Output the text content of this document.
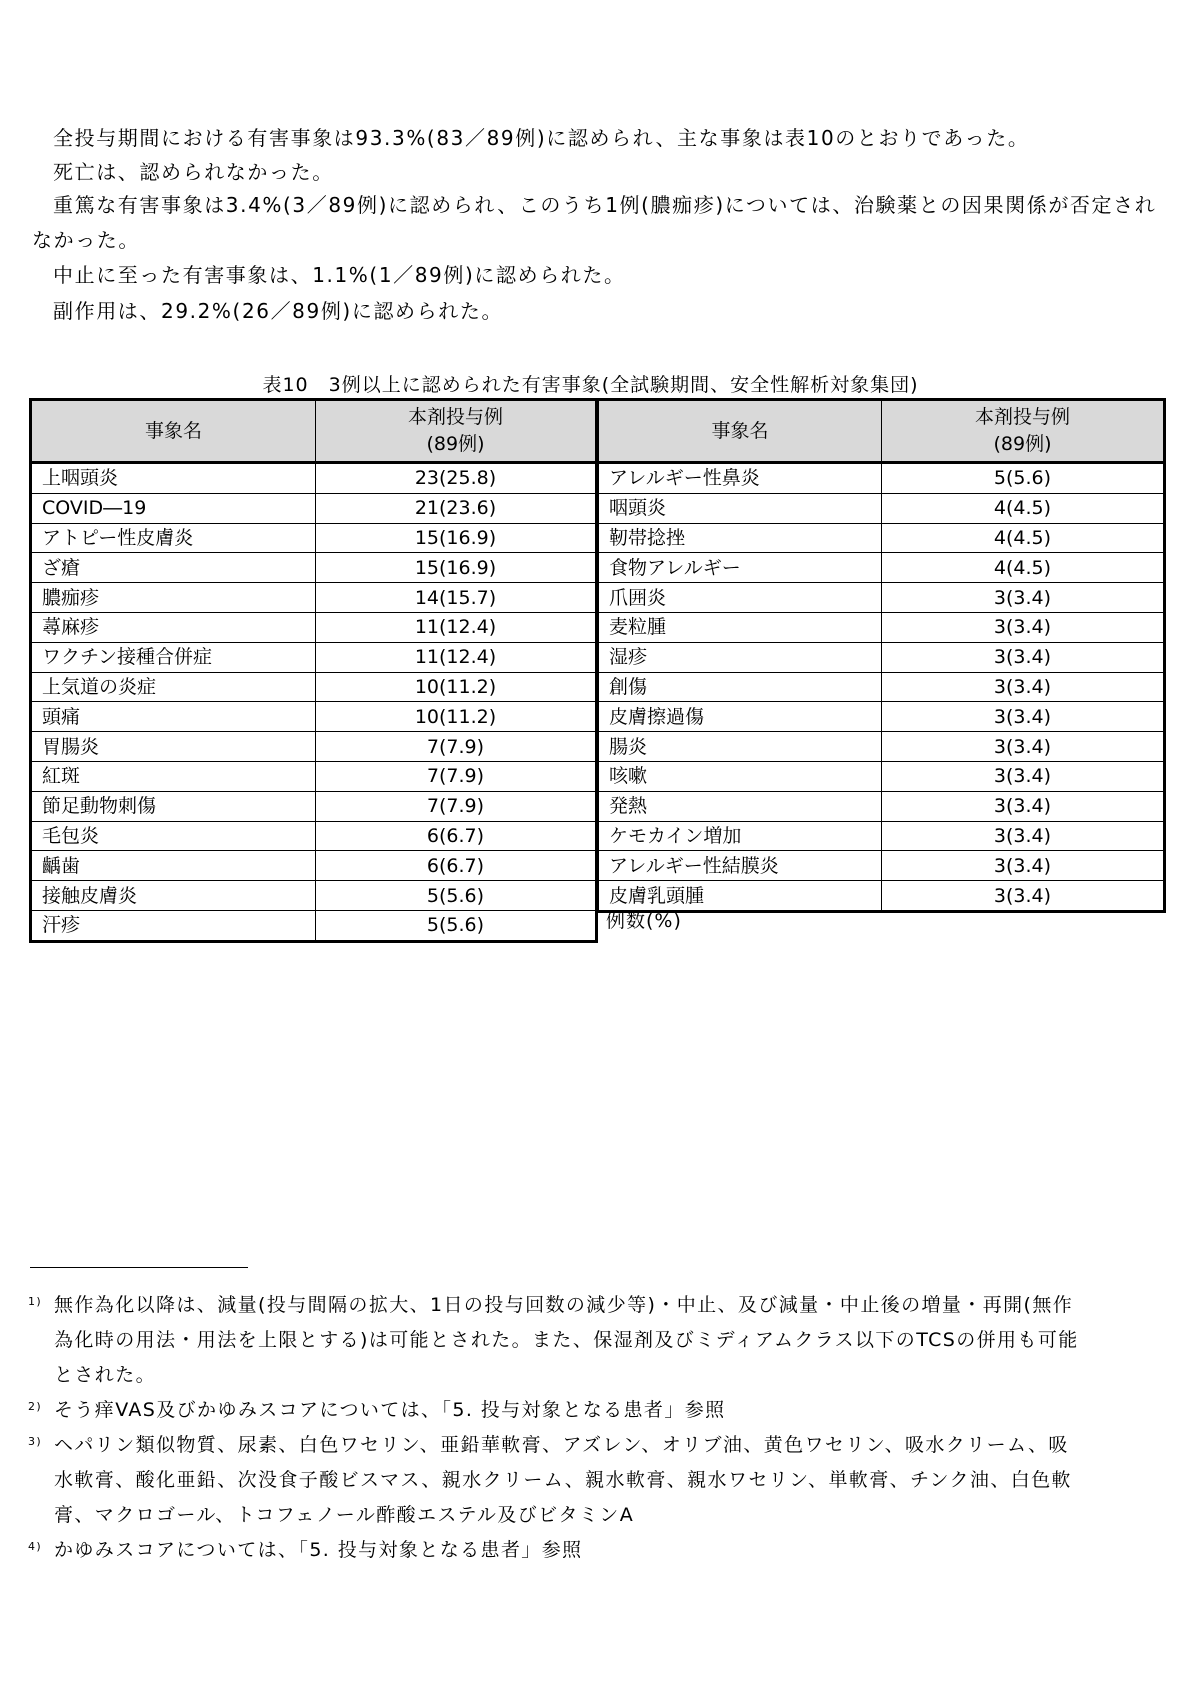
全投与期間における有害事象は93.3%(83／89例)に認められ、主な事象は表10のとおりであった。
死亡は、認められなかった。
重篤な有害事象は3.4%(3／89例)に認められ、このうち1例(膿痂疹)については、治験薬との因果関係が否定され
なかった。
中止に至った有害事象は、1.1%(1／89例)に認められた。
副作用は、29.2%(26／89例)に認められた。
表10　3例以上に認められた有害事象(全試験期間、安全性解析対象集団)
事象名	本剤投与例
(89例)

上咽頭炎	23(25.8)
COVID―19	21(23.6)
アトピー性皮膚炎	15(16.9)
ざ瘡	15(16.9)
膿痂疹	14(15.7)
蕁麻疹	11(12.4)
ワクチン接種合併症	11(12.4)
上気道の炎症	10(11.2)
頭痛	10(11.2)
胃腸炎	7(7.9)
紅斑	7(7.9)
節足動物刺傷	7(7.9)
毛包炎	6(6.7)
齲歯	6(6.7)
接触皮膚炎	5(5.6)
汗疹	5(5.6)
事象名	本剤投与例
(89例)

アレルギー性鼻炎	5(5.6)
咽頭炎	4(4.5)
靭帯捻挫	4(4.5)
食物アレルギー	4(4.5)
爪囲炎	3(3.4)
麦粒腫	3(3.4)
湿疹	3(3.4)
創傷	3(3.4)
皮膚擦過傷	3(3.4)
腸炎	3(3.4)
咳嗽	3(3.4)
発熱	3(3.4)
ケモカイン増加	3(3.4)
アレルギー性結膜炎	3(3.4)
皮膚乳頭腫	3(3.4)
例数(%)
1) 無作為化以降は、減量(投与間隔の拡大、1日の投与回数の減少等)・中止、及び減量・中止後の増量・再開(無作
為化時の用法・用法を上限とする)は可能とされた。また、保湿剤及びミディアムクラス以下のTCSの併用も可能
とされた。
2) そう痒VAS及びかゆみスコアについては、「5. 投与対象となる患者」参照
3) ヘパリン類似物質、尿素、白色ワセリン、亜鉛華軟膏、アズレン、オリブ油、黄色ワセリン、吸水クリーム、吸
水軟膏、酸化亜鉛、次没食子酸ビスマス、親水クリーム、親水軟膏、親水ワセリン、単軟膏、チンク油、白色軟
膏、マクロゴール、トコフェノール酢酸エステル及びビタミンA
4) かゆみスコアについては、「5. 投与対象となる患者」参照
